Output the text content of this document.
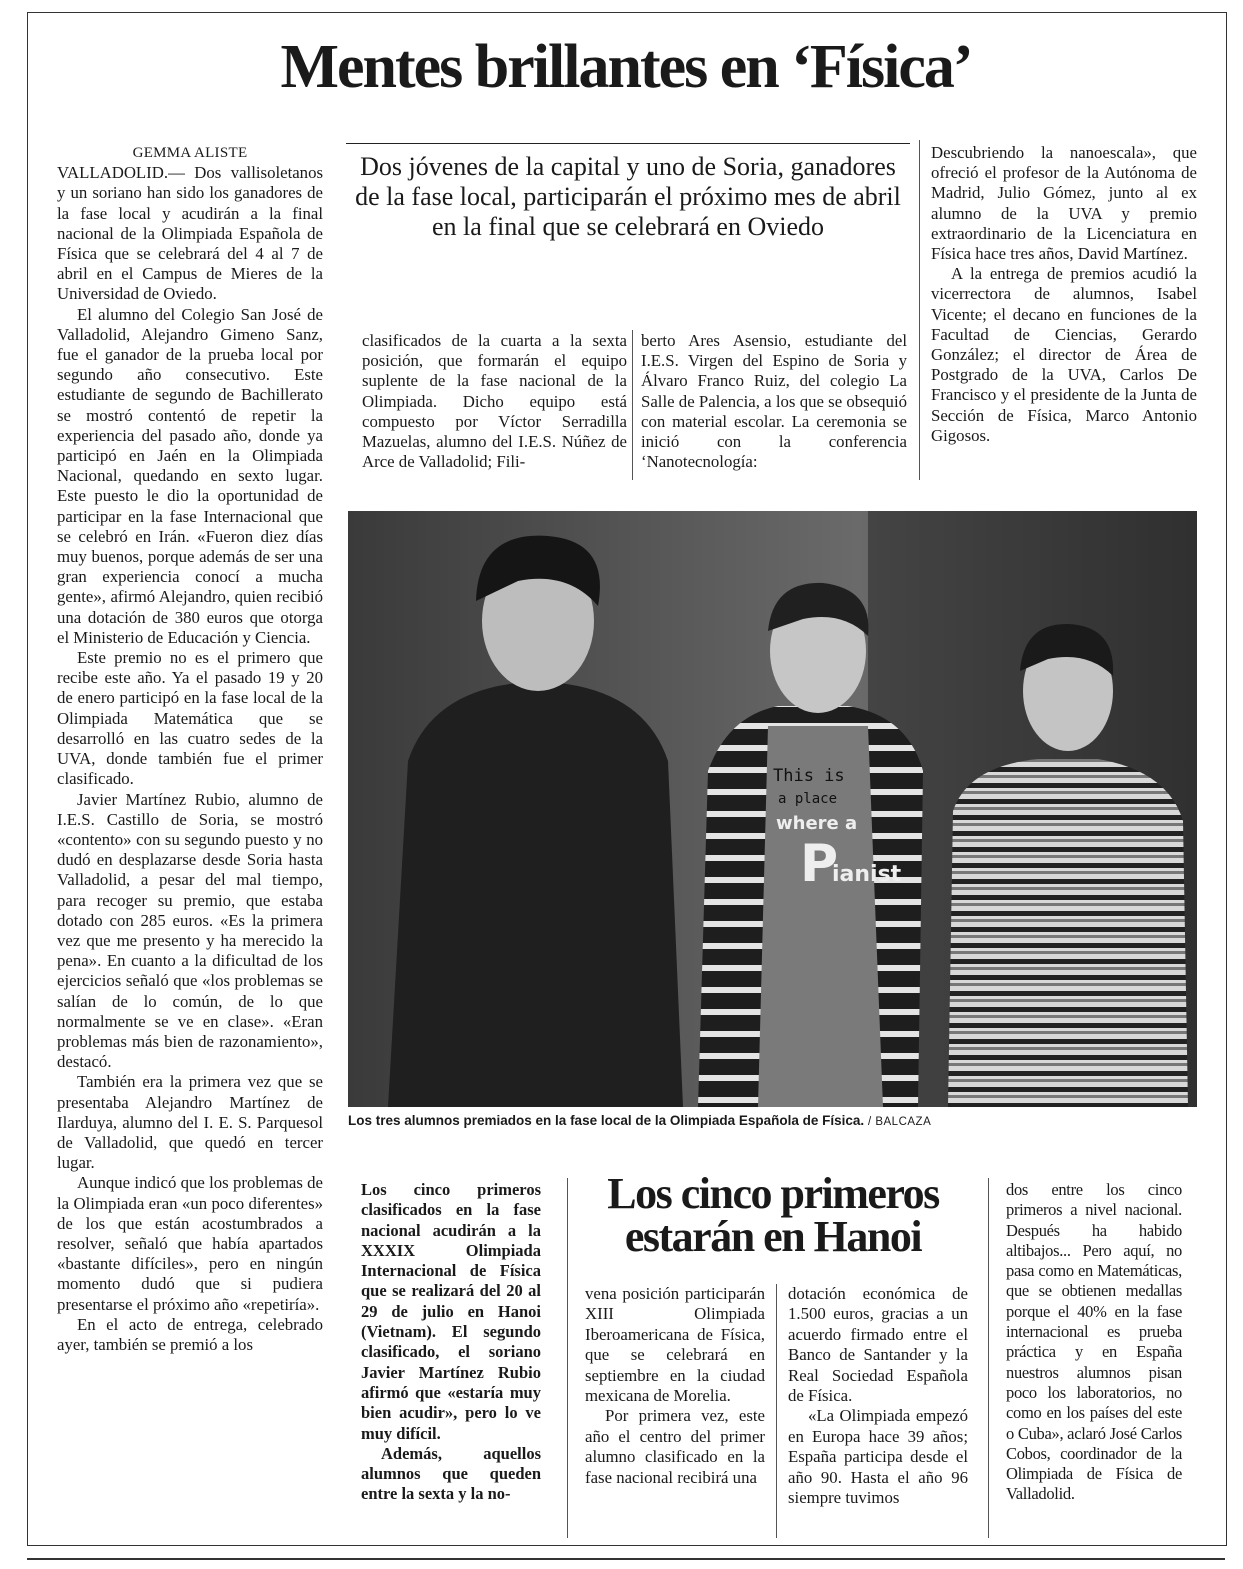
Mentes brillantes en ‘Física’
GEMMA ALISTE

VALLADOLID.— Dos vallisoletanos y un soriano han sido los ganadores de la fase local y acudirán a la final nacional de la Olimpiada Española de Física que se celebrará del 4 al 7 de abril en el Campus de Mieres de la Universidad de Oviedo.

El alumno del Colegio San José de Valladolid, Alejandro Gimeno Sanz, fue el ganador de la prueba local por segundo año consecutivo. Este estudiante de segundo de Bachillerato se mostró contentó de repetir la experiencia del pasado año, donde ya participó en Jaén en la Olimpiada Nacional, quedando en sexto lugar. Este puesto le dio la oportunidad de participar en la fase Internacional que se celebró en Irán. «Fueron diez días muy buenos, porque además de ser una gran experiencia conocí a mucha gente», afirmó Alejandro, quien recibió una dotación de 380 euros que otorga el Ministerio de Educación y Ciencia.

Este premio no es el primero que recibe este año. Ya el pasado 19 y 20 de enero participó en la fase local de la Olimpiada Matemática que se desarrolló en las cuatro sedes de la UVA, donde también fue el primer clasificado.

Javier Martínez Rubio, alumno de I.E.S. Castillo de Soria, se mostró «contento» con su segundo puesto y no dudó en desplazarse desde Soria hasta Valladolid, a pesar del mal tiempo, para recoger su premio, que estaba dotado con 285 euros. «Es la primera vez que me presento y ha merecido la pena». En cuanto a la dificultad de los ejercicios señaló que «los problemas se salían de lo común, de lo que normalmente se ve en clase». «Eran problemas más bien de razonamiento», destacó.

También era la primera vez que se presentaba Alejandro Martínez de Ilarduya, alumno del I. E. S. Parquesol de Valladolid, que quedó en tercer lugar.

Aunque indicó que los problemas de la Olimpiada eran «un poco diferentes» de los que están acostumbrados a resolver, señaló que había apartados «bastante difíciles», pero en ningún momento dudó que si pudiera presentarse el próximo año «repetiría».

En el acto de entrega, celebrado ayer, también se premió a los

Dos jóvenes de la capital y uno de Soria, ganadores de la fase local, participarán el próximo mes de abril en la final que se celebrará en Oviedo

clasificados de la cuarta a la sexta posición, que formarán el equipo suplente de la fase nacional de la Olimpiada. Dicho equipo está compuesto por Víctor Serradilla Mazuelas, alumno del I.E.S. Núñez de Arce de Valladolid; Fili-

berto Ares Asensio, estudiante del I.E.S. Virgen del Espino de Soria y Álvaro Franco Ruiz, del colegio La Salle de Palencia, a los que se obsequió con material escolar. La ceremonia se inició con la conferencia ‘Nanotecnología:

Descubriendo la nanoescala», que ofreció el profesor de la Autónoma de Madrid, Julio Gómez, junto al ex alumno de la UVA y premio extraordinario de la Licenciatura en Física hace tres años, David Martínez.

A la entrega de premios acudió la vicerrectora de alumnos, Isabel Vicente; el decano en funciones de la Facultad de Ciencias, Gerardo González; el director de Área de Postgrado de la UVA, Carlos De Francisco y el presidente de la Junta de Sección de Física, Marco Antonio Gigosos.

This is
a place
where a
P
ianist
Los tres alumnos premiados en la fase local de la Olimpiada Española de Física. / BALCAZA

Los cinco primeros clasificados en la fase nacional acudirán a la XXXIX Olimpiada Internacional de Física que se realizará del 20 al 29 de julio en Hanoi (Vietnam). El segundo clasificado, el soriano Javier Martínez Rubio afirmó que «estaría muy bien acudir», pero lo ve muy difícil.

Además, aquellos alumnos que queden entre la sexta y la no-

Los cinco primeros estarán en Hanoi

vena posición participarán XIII Olimpiada Iberoamericana de Física, que se celebrará en septiembre en la ciudad mexicana de Morelia.

Por primera vez, este año el centro del primer alumno clasificado en la fase nacional recibirá una

dotación económica de 1.500 euros, gracias a un acuerdo firmado entre el Banco de Santander y la Real Sociedad Española de Física.

«La Olimpiada empezó en Europa hace 39 años; España participa desde el año 90. Hasta el año 96 siempre tuvimos

dos entre los cinco primeros a nivel nacional. Después ha habido altibajos... Pero aquí, no pasa como en Matemáticas, que se obtienen medallas porque el 40% en la fase internacional es prueba práctica y en España nuestros alumnos pisan poco los laboratorios, no como en los países del este o Cuba», aclaró José Carlos Cobos, coordinador de la Olimpiada de Física de Valladolid.
